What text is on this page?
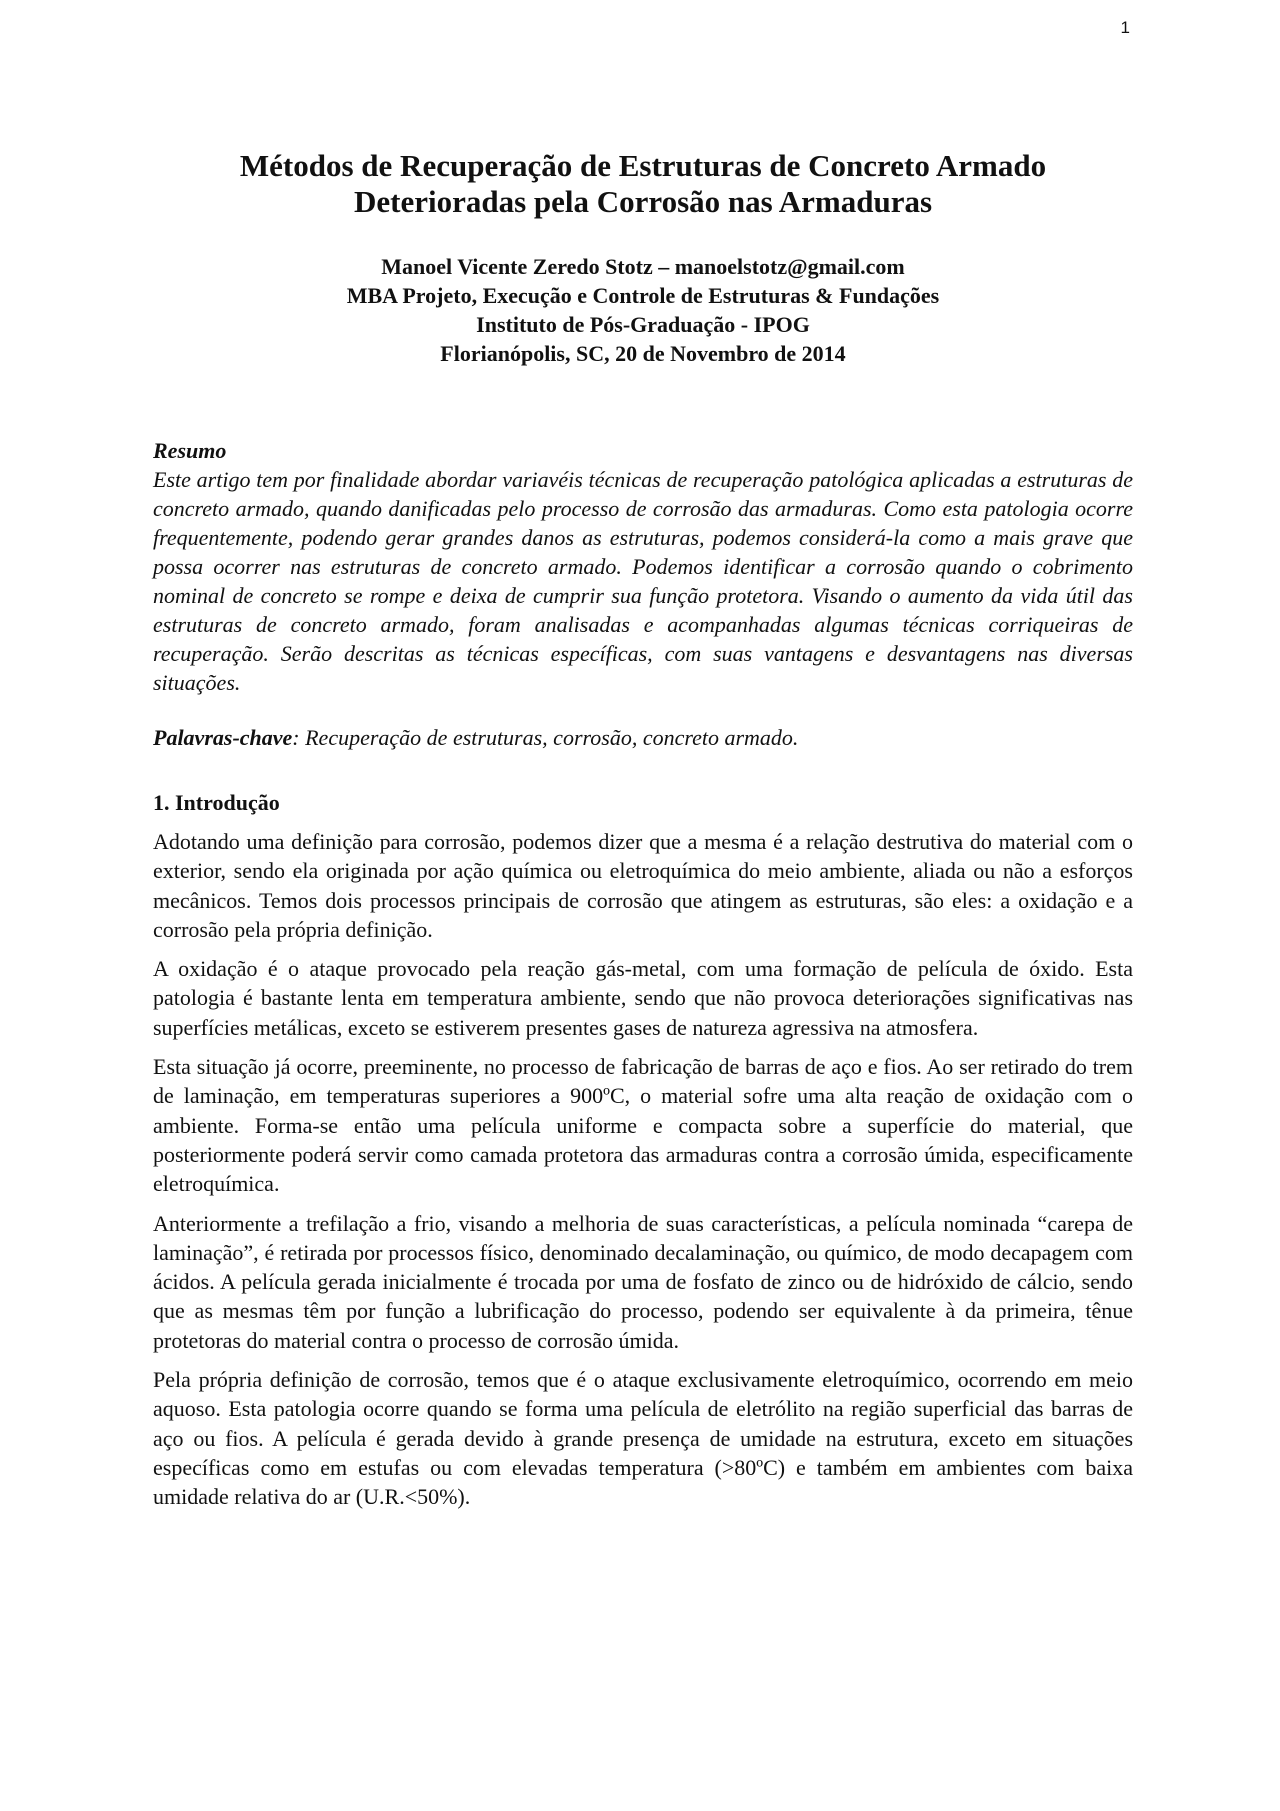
1
Métodos de Recuperação de Estruturas de Concreto Armado
Deterioradas pela Corrosão nas Armaduras
Manoel Vicente Zeredo Stotz – manoelstotz@gmail.com
MBA Projeto, Execução e Controle de Estruturas & Fundações
Instituto de Pós-Graduação - IPOG
Florianópolis, SC, 20 de Novembro de 2014
Resumo

Este artigo tem por finalidade abordar variavéis técnicas de recuperação patológica aplicadas a estruturas de concreto armado, quando danificadas pelo processo de corrosão das armaduras. Como esta patologia ocorre frequentemente, podendo gerar grandes danos as estruturas, podemos considerá-la como a mais grave que possa ocorrer nas estruturas de concreto armado. Podemos identificar a corrosão quando o cobrimento nominal de concreto se rompe e deixa de cumprir sua função protetora. Visando o aumento da vida útil das estruturas de concreto armado, foram analisadas e acompanhadas algumas técnicas corriqueiras de recuperação. Serão descritas as técnicas específicas, com suas vantagens e desvantagens nas diversas situações.

Palavras-chave: Recuperação de estruturas, corrosão, concreto armado.
1. Introdução

Adotando uma definição para corrosão, podemos dizer que a mesma é a relação destrutiva do material com o exterior, sendo ela originada por ação química ou eletroquímica do meio ambiente, aliada ou não a esforços mecânicos. Temos dois processos principais de corrosão que atingem as estruturas, são eles: a oxidação e a corrosão pela própria definição.

A oxidação é o ataque provocado pela reação gás-metal, com uma formação de película de óxido. Esta patologia é bastante lenta em temperatura ambiente, sendo que não provoca deteriorações significativas nas superfícies metálicas, exceto se estiverem presentes gases de natureza agressiva na atmosfera.

Esta situação já ocorre, preeminente, no processo de fabricação de barras de aço e fios. Ao ser retirado do trem de laminação, em temperaturas superiores a 900ºC, o material sofre uma alta reação de oxidação com o ambiente. Forma-se então uma película uniforme e compacta sobre a superfície do material, que posteriormente poderá servir como camada protetora das armaduras contra a corrosão úmida, especificamente eletroquímica.

Anteriormente a trefilação a frio, visando a melhoria de suas características, a película nominada “carepa de laminação”, é retirada por processos físico, denominado decalaminação, ou químico, de modo decapagem com ácidos. A película gerada inicialmente é trocada por uma de fosfato de zinco ou de hidróxido de cálcio, sendo que as mesmas têm por função a lubrificação do processo, podendo ser equivalente à da primeira, tênue protetoras do material contra o processo de corrosão úmida.

Pela própria definição de corrosão, temos que é o ataque exclusivamente eletroquímico, ocorrendo em meio aquoso. Esta patologia ocorre quando se forma uma película de eletrólito na região superficial das barras de aço ou fios. A película é gerada devido à grande presença de umidade na estrutura, exceto em situações específicas como em estufas ou com elevadas temperatura (>80ºC) e também em ambientes com baixa umidade relativa do ar (U.R.<50%).
